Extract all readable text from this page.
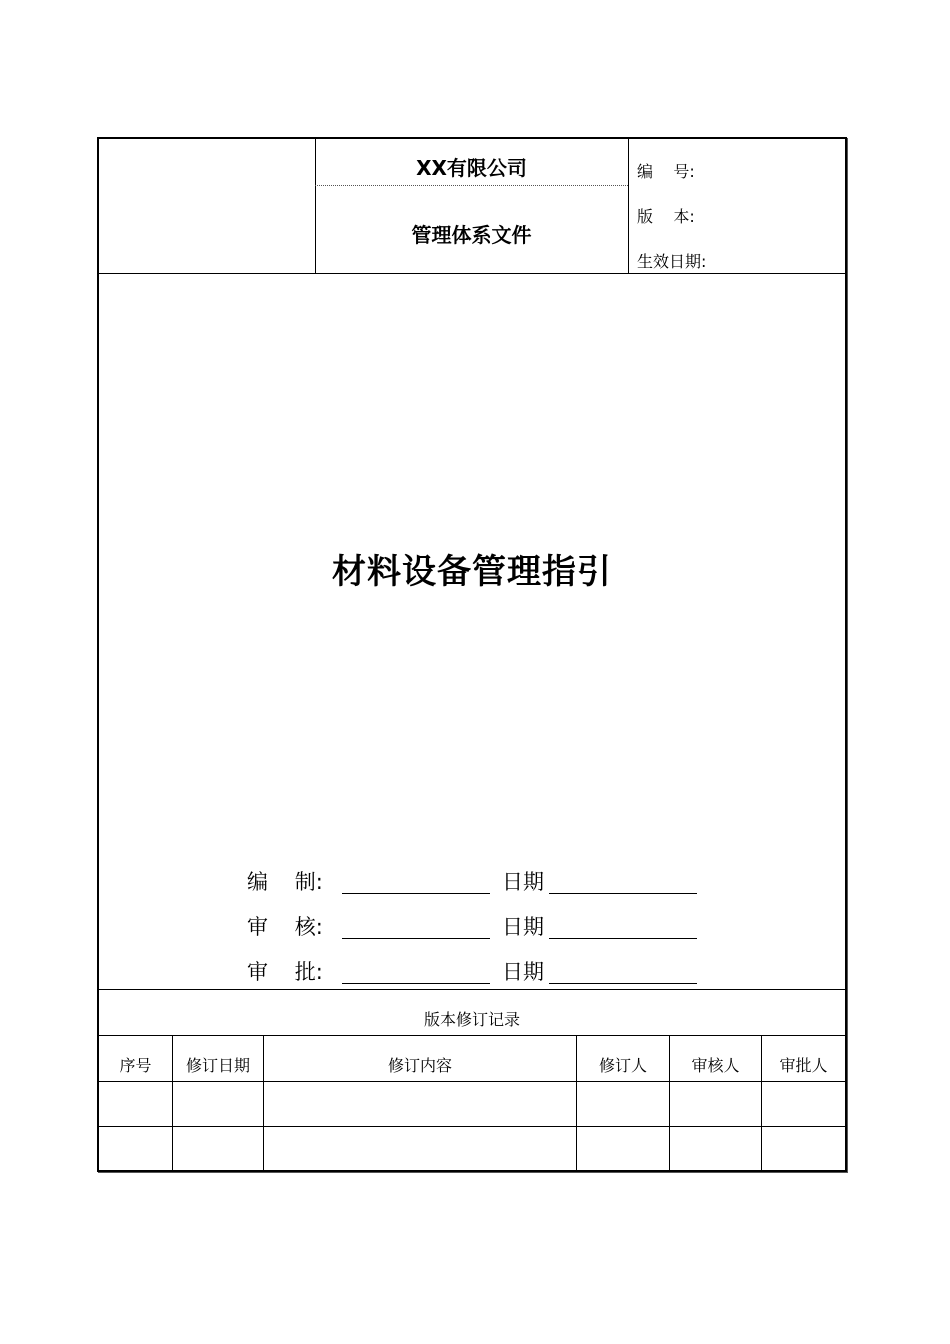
XX有限公司
管理体系文件
编    号:
版    本:
生效日期:
材料设备管理指引
编    制:	日期
审    核:	日期
审    批:	日期
版本修订记录
序号	修订日期	修订内容	修订人	审核人	审批人
